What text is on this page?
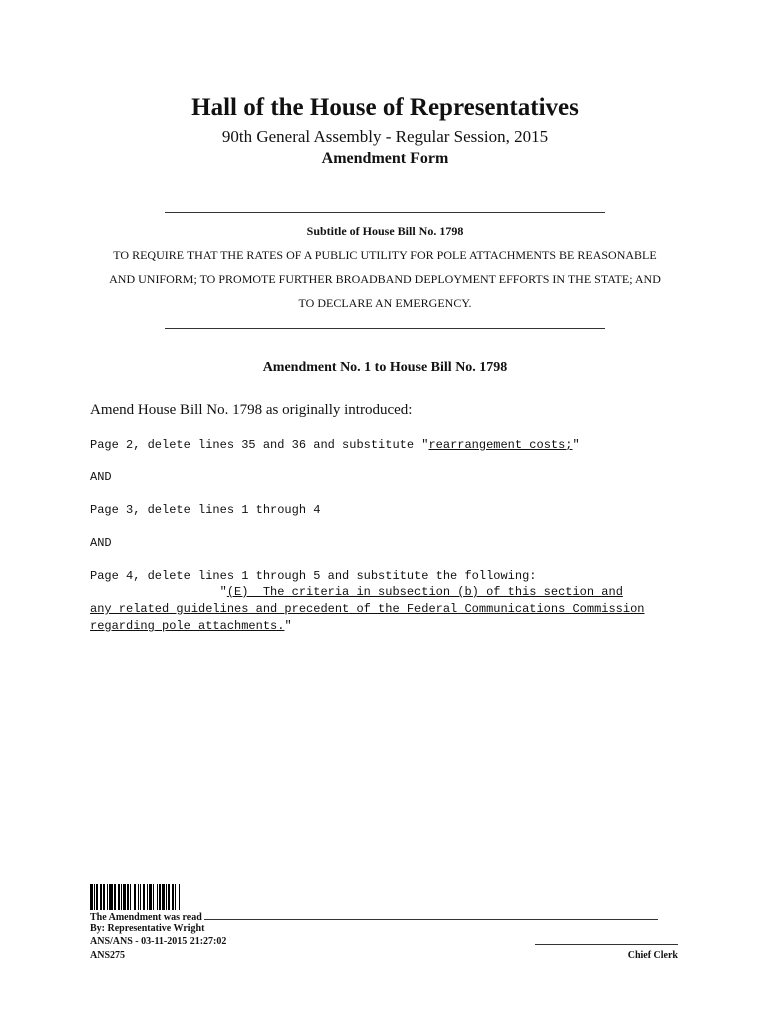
Hall of the House of Representatives
90th General Assembly - Regular Session, 2015
Amendment Form
Subtitle of House Bill No. 1798
TO REQUIRE THAT THE RATES OF A PUBLIC UTILITY FOR POLE ATTACHMENTS BE REASONABLE
AND UNIFORM; TO PROMOTE FURTHER BROADBAND DEPLOYMENT EFFORTS IN THE STATE; AND
TO DECLARE AN EMERGENCY.
Amendment No. 1 to House Bill No. 1798
Amend House Bill No. 1798 as originally introduced:
Page 2, delete lines 35 and 36 and substitute "rearrangement costs;"
AND
Page 3, delete lines 1 through 4
AND
Page 4, delete lines 1 through 5 and substitute the following:
"(E)  The criteria in subsection (b) of this section and
any related guidelines and precedent of the Federal Communications Commission
regarding pole attachments."
The Amendment was read
By: Representative Wright
ANS/ANS - 03-11-2015 21:27:02
ANS275	Chief Clerk
